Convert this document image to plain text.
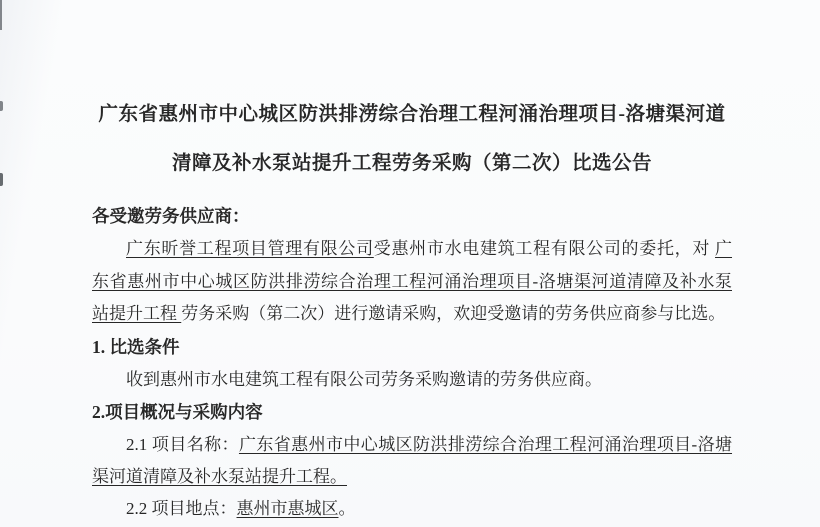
广东省惠州市中心城区防洪排涝综合治理工程河涌治理项目-洛塘渠河道
清障及补水泵站提升工程劳务采购（第二次）比选公告

各受邀劳务供应商：

广东昕誉工程项目管理有限公司受惠州市水电建筑工程有限公司的委托，对 广
东省惠州市中心城区防洪排涝综合治理工程河涌治理项目-洛塘渠河道清障及补水泵
站提升工程 劳务采购（第二次）进行邀请采购，欢迎受邀请的劳务供应商参与比选。
1. 比选条件

收到惠州市水电建筑工程有限公司劳务采购邀请的劳务供应商。

2.项目概况与采购内容
2.1 项目名称：广东省惠州市中心城区防洪排涝综合治理工程河涌治理项目-洛塘
渠河道清障及补水泵站提升工程。

2.2 项目地点：惠州市惠城区。
